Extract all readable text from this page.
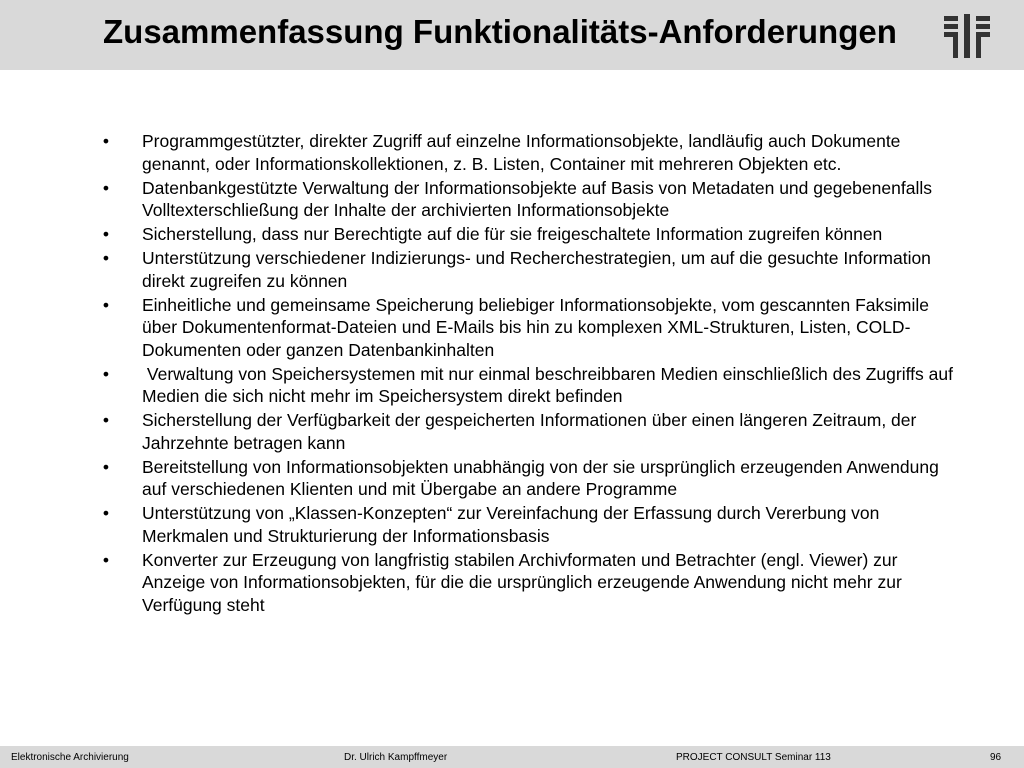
Zusammenfassung Funktionalitäts-Anforderungen
• Programmgestützter, direkter Zugriff auf einzelne Informationsobjekte, landläufig auch Dokumente genannt, oder Informationskollektionen, z. B. Listen, Container mit mehreren Objekten etc.
• Datenbankgestützte Verwaltung der Informationsobjekte auf Basis von Metadaten und gegebenenfalls Volltexterschließung der Inhalte der archivierten Informationsobjekte
• Sicherstellung, dass nur Berechtigte auf die für sie freigeschaltete Information zugreifen können
• Unterstützung verschiedener Indizierungs- und Recherchestrategien, um auf die gesuchte Information direkt zugreifen zu können
• Einheitliche und gemeinsame Speicherung beliebiger Informationsobjekte, vom gescannten Faksimile über Dokumentenformat-Dateien und E-Mails bis hin zu komplexen XML-Strukturen, Listen, COLD-Dokumenten oder ganzen Datenbankinhalten
• Verwaltung von Speichersystemen mit nur einmal beschreibbaren Medien einschließlich des Zugriffs auf Medien die sich nicht mehr im Speichersystem direkt befinden
• Sicherstellung der Verfügbarkeit der gespeicherten Informationen über einen längeren Zeitraum, der Jahrzehnte betragen kann
• Bereitstellung von Informationsobjekten unabhängig von der sie ursprünglich erzeugenden Anwendung auf verschiedenen Klienten und mit Übergabe an andere Programme
• Unterstützung von „Klassen-Konzepten“ zur Vereinfachung der Erfassung durch Vererbung von Merkmalen und Strukturierung der Informationsbasis
• Konverter zur Erzeugung von langfristig stabilen Archivformaten und Betrachter (engl. Viewer) zur Anzeige von Informationsobjekten, für die die ursprünglich erzeugende Anwendung nicht mehr zur Verfügung steht
Elektronische Archivierung	Dr. Ulrich Kampffmeyer	PROJECT CONSULT Seminar 113	96
